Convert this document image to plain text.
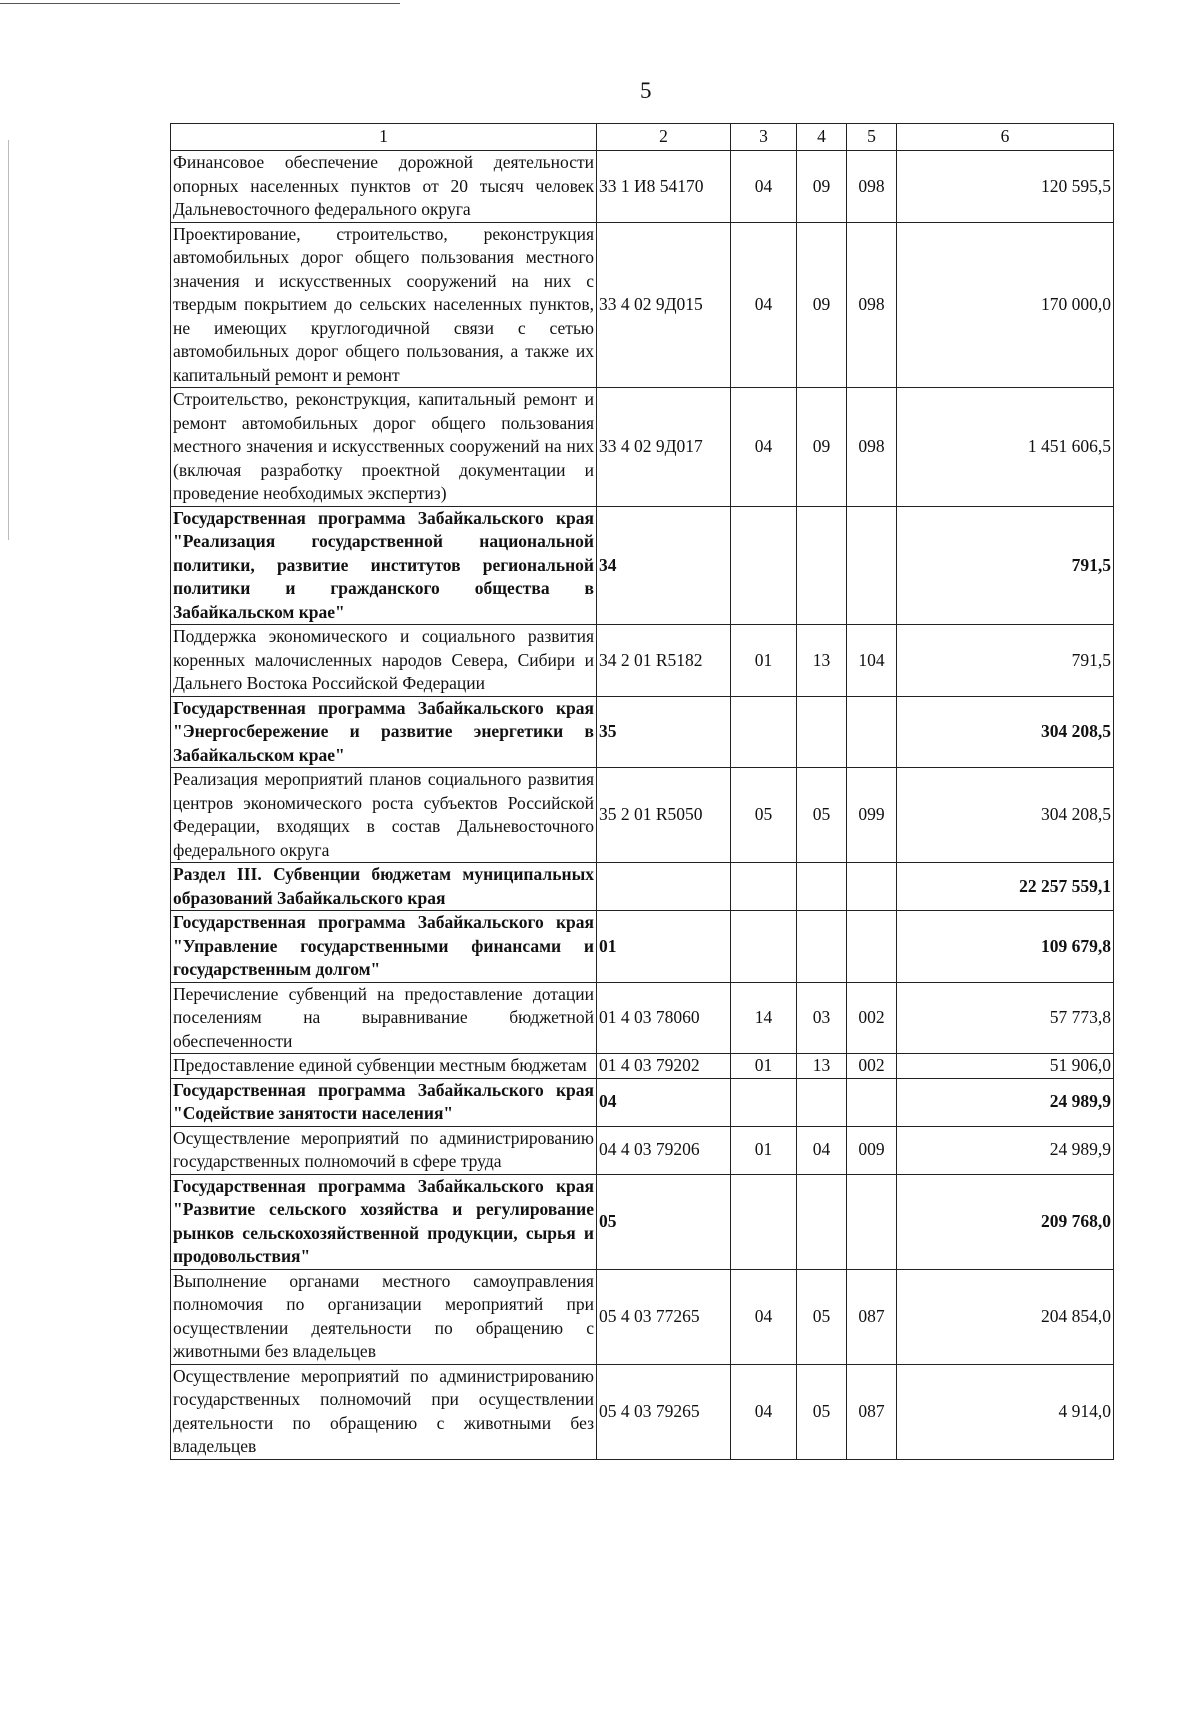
5
1	2	3	4	5	6
Финансовое обеспечение дорожной деятельности опорных населенных пунктов от 20 тысяч человек Дальневосточного федерального округа	33 1 И8 54170	04	09	098	120 595,5
Проектирование, строительство, реконструкция автомобильных дорог общего пользования местного значения и искусственных сооружений на них с твердым покрытием до сельских населенных пунктов, не имеющих круглогодичной связи с сетью автомобильных дорог общего пользования, а также их капитальный ремонт и ремонт	33 4 02 9Д015	04	09	098	170 000,0
Строительство, реконструкция, капитальный ремонт и ремонт автомобильных дорог общего пользования местного значения и искусственных сооружений на них (включая разработку проектной документации и проведение необходимых экспертиз)	33 4 02 9Д017	04	09	098	1 451 606,5
Государственная программа Забайкальского края "Реализация государственной национальной политики, развитие институтов региональной политики и гражданского общества в Забайкальском крае"	34				791,5
Поддержка экономического и социального развития коренных малочисленных народов Севера, Сибири и Дальнего Востока Российской Федерации	34 2 01 R5182	01	13	104	791,5
Государственная программа Забайкальского края "Энергосбережение и развитие энергетики в Забайкальском крае"	35				304 208,5
Реализация мероприятий планов социального развития центров экономического роста субъектов Российской Федерации, входящих в состав Дальневосточного федерального округа	35 2 01 R5050	05	05	099	304 208,5
Раздел III. Субвенции бюджетам муниципальных образований Забайкальского края					22 257 559,1
Государственная программа Забайкальского края "Управление государственными финансами и государственным долгом"	01				109 679,8
Перечисление субвенций на предоставление дотации поселениям на выравнивание бюджетной обеспеченности	01 4 03 78060	14	03	002	57 773,8
Предоставление единой субвенции местным бюджетам	01 4 03 79202	01	13	002	51 906,0
Государственная программа Забайкальского края "Содействие занятости населения"	04				24 989,9
Осуществление мероприятий по администрированию государственных полномочий в сфере труда	04 4 03 79206	01	04	009	24 989,9
Государственная программа Забайкальского края "Развитие сельского хозяйства и регулирование рынков сельскохозяйственной продукции, сырья и продовольствия"	05				209 768,0
Выполнение органами местного самоуправления полномочия по организации мероприятий при осуществлении деятельности по обращению с животными без владельцев	05 4 03 77265	04	05	087	204 854,0
Осуществление мероприятий по администрированию государственных полномочий при осуществлении деятельности по обращению с животными без владельцев	05 4 03 79265	04	05	087	4 914,0
